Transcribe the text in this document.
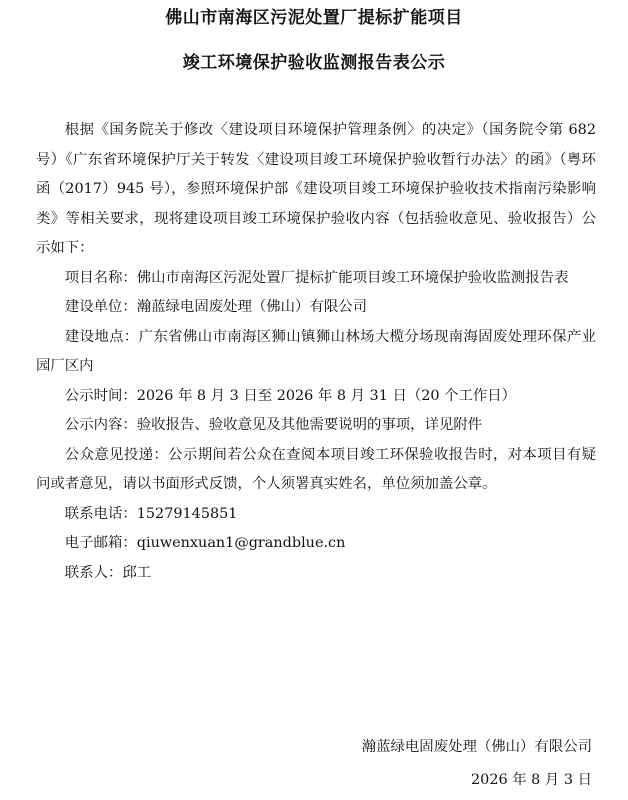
佛山市南海区污泥处置厂提标扩能项目
竣工环境保护验收监测报告表公示

根据《国务院关于修改〈建设项目环境保护管理条例〉的决定》（国务院令第 682 号）《广东省环境保护厅关于转发〈建设项目竣工环境保护验收暂行办法〉的函》（粤环函（2017）945 号），参照环境保护部《建设项目竣工环境保护验收技术指南污染影响类》等相关要求，现将建设项目竣工环境保护验收内容（包括验收意见、验收报告）公示如下：

项目名称：佛山市南海区污泥处置厂提标扩能项目竣工环境保护验收监测报告表

建设单位：瀚蓝绿电固废处理（佛山）有限公司

建设地点：广东省佛山市南海区狮山镇狮山林场大榄分场现南海固废处理环保产业园厂区内

公示时间：2026 年 8 月 3 日至 2026 年 8 月 31 日（20 个工作日）

公示内容：验收报告、验收意见及其他需要说明的事项，详见附件

公众意见投递：公示期间若公众在查阅本项目竣工环保验收报告时，对本项目有疑问或者意见，请以书面形式反馈，个人须署真实姓名，单位须加盖公章。

联系电话：15279145851

电子邮箱：qiuwenxuan1@grandblue.cn

联系人：邱工

瀚蓝绿电固废处理（佛山）有限公司
2026 年 8 月 3 日
